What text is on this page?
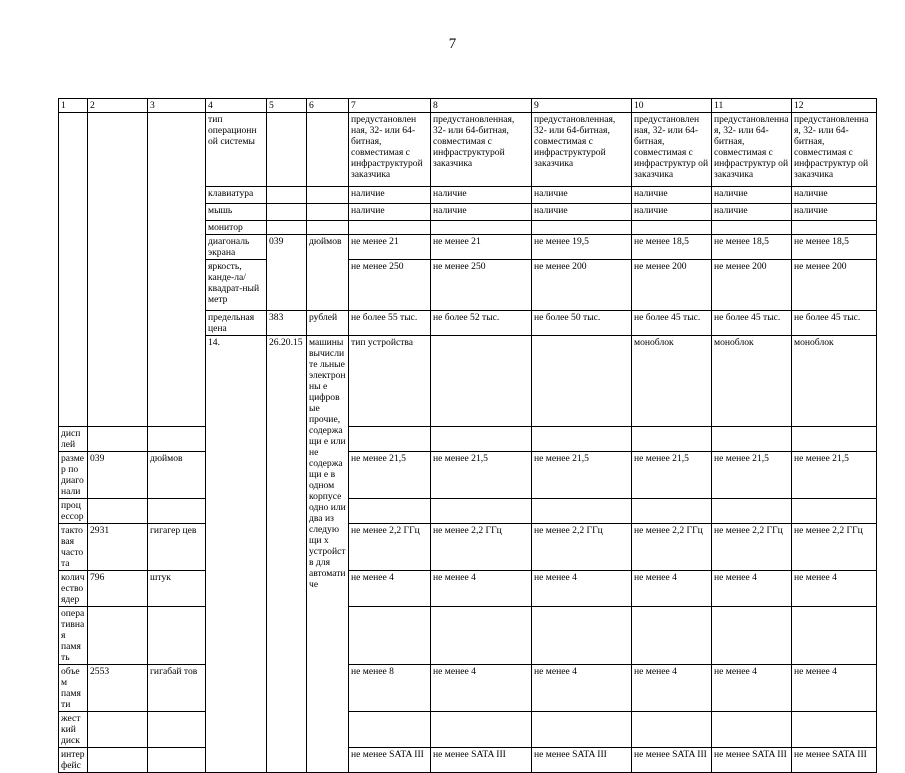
7
1	2	3	4	5	6	7	8	9	10	11	12	
			тип операционн ой системы			предустановлен ная, 32- или 64-битная, совместимая с инфраструктурой заказчика	предустановленная, 32- или 64-битная, совместимая с инфраструктурой заказчика	предустановленная, 32- или 64-битная, совместимая с инфраструктурой заказчика	предустановлен ная, 32- или 64-битная, совместимая с инфраструктур ой заказчика	предустановленна я, 32- или 64-битная, совместимая с инфраструктур ой заказчика	предустановленна я, 32- или 64-битная, совместимая с инфраструктур ой заказчика	
			клавиатура			наличие	наличие	наличие	наличие	наличие	наличие	
			мышь			наличие	наличие	наличие	наличие	наличие	наличие	
			монитор									
			диагональ экрана	039	дюймов	не менее 21	не менее 21	не менее 19,5	не менее 18,5	не менее 18,5	не менее 18,5	
			яркость, канде-ла/квадрат-ный метр			не менее 250	не менее 250	не менее 200	не менее 200	не менее 200	не менее 200	
			предельная цена	383	рублей	не более 55 тыс.	не более 52 тыс.	не более 50 тыс.	не более 45 тыс.	не более 45 тыс.	не более 45 тыс.	
			14.	26.20.15	машины вычислите льные электронны е цифровые прочие, содержащи е или не содержащи е в одном корпусе одно или два из следующи х устройств для автоматиче	тип устройства			моноблок	моноблок	моноблок			
дисплей												
размер по диагонали	039	дюймов				не менее 21,5	не менее 21,5	не менее 21,5	не менее 21,5	не менее 21,5	не менее 21,5	
процессор												
тактовая частота	2931	гигагер цев				не менее 2,2 ГГц	не менее 2,2 ГГц	не менее 2,2 ГГц	не менее 2,2 ГГц	не менее 2,2 ГГц	не менее 2,2 ГГц	
количество ядер	796	штук				не менее 4	не менее 4	не менее 4	не менее 4	не менее 4	не менее 4	
оперативна я память												
объем памяти	2553	гигабай тов				не менее 8	не менее 4	не менее 4	не менее 4	не менее 4	не менее 4	
жесткий диск												
интерфейс						не менее SATA III	не менее SATA III	не менее SATA III	не менее SATA III	не менее SATA III	не менее SATA III	
